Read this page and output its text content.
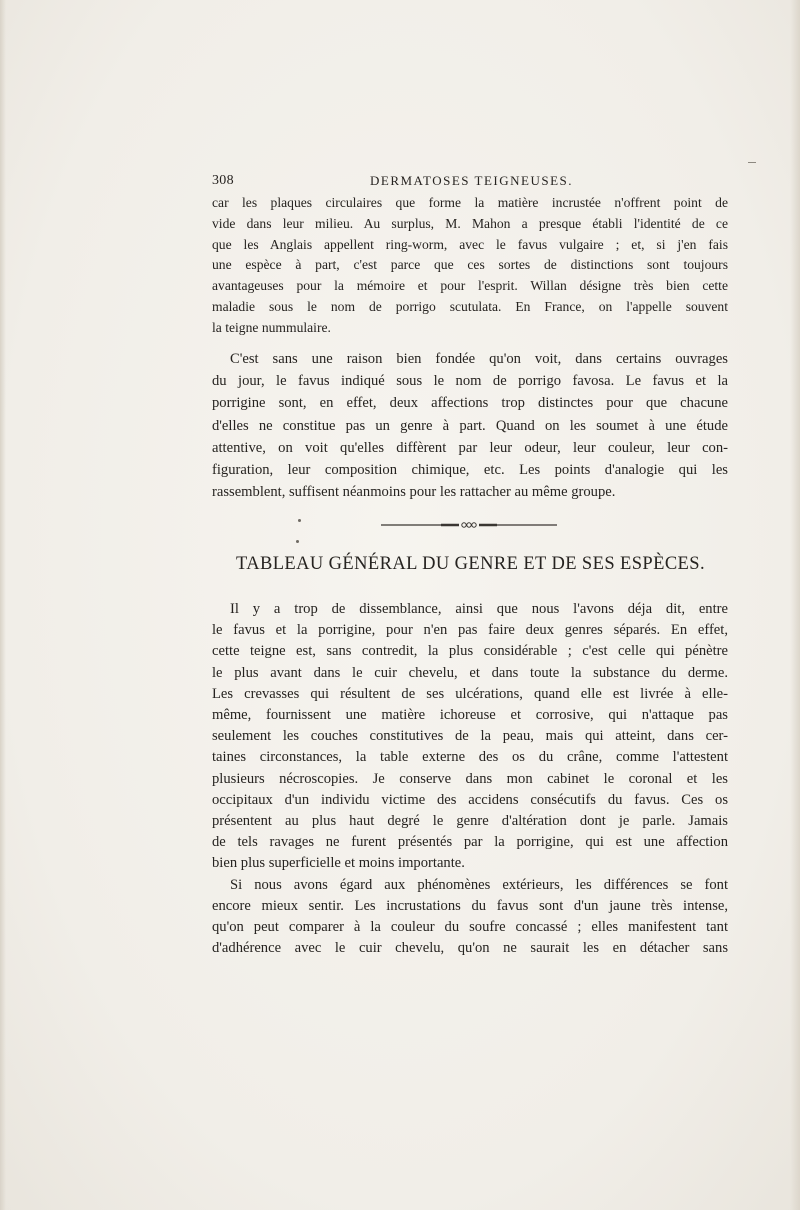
308	DERMATOSES TEIGNEUSES.
car les plaques circulaires que forme la matière incrustée n'offrent point de
vide dans leur milieu. Au surplus, M. Mahon a presque établi l'identité de ce
que les Anglais appellent ring-worm, avec le favus vulgaire ; et, si j'en fais
une espèce à part, c'est parce que ces sortes de distinctions sont toujours
avantageuses pour la mémoire et pour l'esprit. Willan désigne très bien cette
maladie sous le nom de porrigo scutulata. En France, on l'appelle souvent
la teigne nummulaire.
C'est sans une raison bien fondée qu'on voit, dans certains ouvrages
du jour, le favus indiqué sous le nom de porrigo favosa. Le favus et la
porrigine sont, en effet, deux affections trop distinctes pour que chacune
d'elles ne constitue pas un genre à part. Quand on les soumet à une étude
attentive, on voit qu'elles diffèrent par leur odeur, leur couleur, leur con-
figuration, leur composition chimique, etc. Les points d'analogie qui les
rassemblent, suffisent néanmoins pour les rattacher au même groupe.
TABLEAU GÉNÉRAL DU GENRE ET DE SES ESPÈCES.
Il y a trop de dissemblance, ainsi que nous l'avons déja dit, entre
le favus et la porrigine, pour n'en pas faire deux genres séparés. En effet,
cette teigne est, sans contredit, la plus considérable ; c'est celle qui pénètre
le plus avant dans le cuir chevelu, et dans toute la substance du derme.
Les crevasses qui résultent de ses ulcérations, quand elle est livrée à elle-
même, fournissent une matière ichoreuse et corrosive, qui n'attaque pas
seulement les couches constitutives de la peau, mais qui atteint, dans cer-
taines circonstances, la table externe des os du crâne, comme l'attestent
plusieurs nécroscopies. Je conserve dans mon cabinet le coronal et les
occipitaux d'un individu victime des accidens consécutifs du favus. Ces os
présentent au plus haut degré le genre d'altération dont je parle. Jamais
de tels ravages ne furent présentés par la porrigine, qui est une affection
bien plus superficielle et moins importante.
Si nous avons égard aux phénomènes extérieurs, les différences se font
encore mieux sentir. Les incrustations du favus sont d'un jaune très intense,
qu'on peut comparer à la couleur du soufre concassé ; elles manifestent tant
d'adhérence avec le cuir chevelu, qu'on ne saurait les en détacher sans
